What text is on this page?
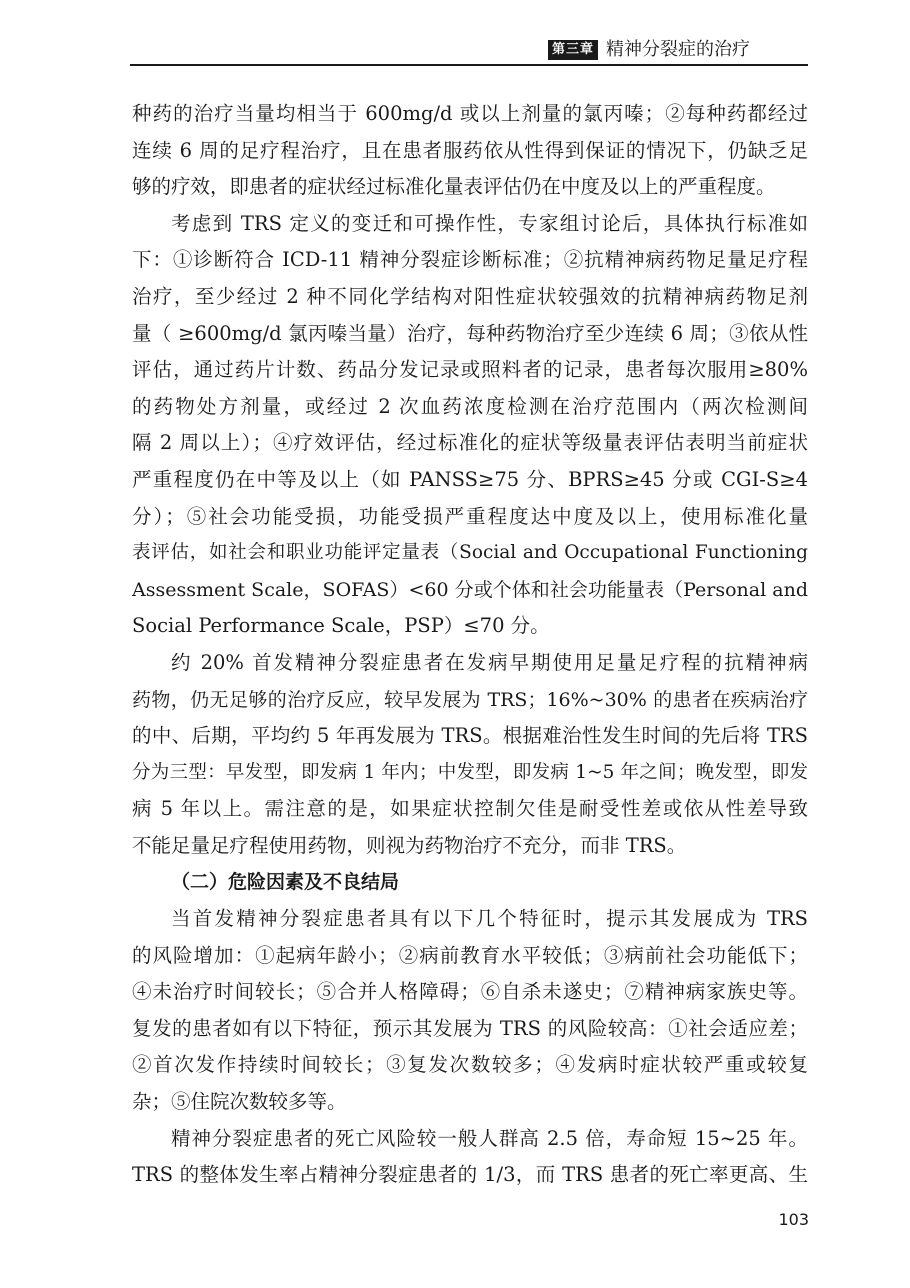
第三章 精神分裂症的治疗
种药的治疗当量均相当于 600mg/d 或以上剂量的氯丙嗪；②每种药都经过
连续 6 周的足疗程治疗，且在患者服药依从性得到保证的情况下，仍缺乏足
够的疗效，即患者的症状经过标准化量表评估仍在中度及以上的严重程度。
考虑到 TRS 定义的变迁和可操作性，专家组讨论后，具体执行标准如
下：①诊断符合 ICD-11 精神分裂症诊断标准；②抗精神病药物足量足疗程
治疗，至少经过 2 种不同化学结构对阳性症状较强效的抗精神病药物足剂
量（ ≥600mg/d 氯丙嗪当量）治疗，每种药物治疗至少连续 6 周；③依从性
评估，通过药片计数、药品分发记录或照料者的记录，患者每次服用≥80%
的药物处方剂量，或经过 2 次血药浓度检测在治疗范围内（两次检测间
隔 2 周以上）；④疗效评估，经过标准化的症状等级量表评估表明当前症状
严重程度仍在中等及以上（如 PANSS≥75 分、BPRS≥45 分或 CGI-S≥4
分）；⑤社会功能受损，功能受损严重程度达中度及以上，使用标准化量
表评估，如社会和职业功能评定量表（Social and Occupational Functioning
Assessment Scale，SOFAS）<60 分或个体和社会功能量表（Personal and
Social Performance Scale，PSP）≤70 分。
约 20% 首发精神分裂症患者在发病早期使用足量足疗程的抗精神病
药物，仍无足够的治疗反应，较早发展为 TRS；16%~30% 的患者在疾病治疗
的中、后期，平均约 5 年再发展为 TRS。根据难治性发生时间的先后将 TRS
分为三型：早发型，即发病 1 年内；中发型，即发病 1~5 年之间；晚发型，即发
病 5 年以上。需注意的是，如果症状控制欠佳是耐受性差或依从性差导致
不能足量足疗程使用药物，则视为药物治疗不充分，而非 TRS。
（二）危险因素及不良结局
当首发精神分裂症患者具有以下几个特征时，提示其发展成为 TRS
的风险增加：①起病年龄小；②病前教育水平较低；③病前社会功能低下；
④未治疗时间较长；⑤合并人格障碍；⑥自杀未遂史；⑦精神病家族史等。
复发的患者如有以下特征，预示其发展为 TRS 的风险较高：①社会适应差；
②首次发作持续时间较长；③复发次数较多；④发病时症状较严重或较复
杂；⑤住院次数较多等。
精神分裂症患者的死亡风险较一般人群高 2.5 倍，寿命短 15~25 年。
TRS 的整体发生率占精神分裂症患者的 1/3，而 TRS 患者的死亡率更高、生
103
